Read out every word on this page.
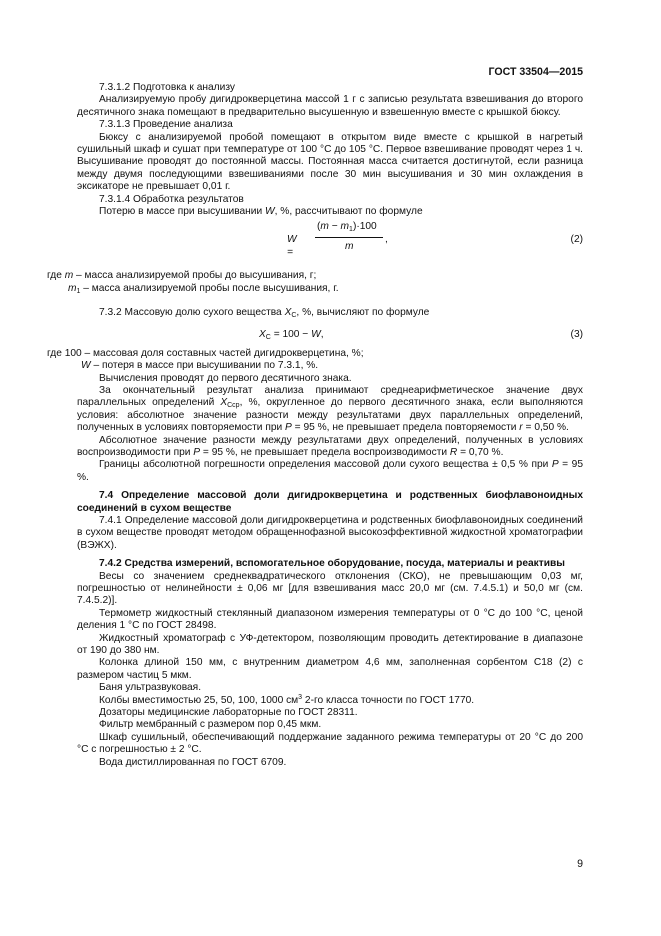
ГОСТ 33504—2015

7.3.1.2 Подготовка к анализу

Анализируемую пробу дигидрокверцетина массой 1 г с записью результата взвешивания до второго десятичного знака помещают в предварительно высушенную и взвешенную вместе с крышкой бюксу.

7.3.1.3 Проведение анализа

Бюксу с анализируемой пробой помещают в открытом виде вместе с крышкой в нагретый сушильный шкаф и сушат при температуре от 100 °С до 105 °С. Первое взвешивание проводят через 1 ч. Высушивание проводят до постоянной массы. Постоянная масса считается достигнутой, если разница между двумя последующими взвешиваниями после 30 мин высушивания и 30 мин охлаждения в эксикаторе не превышает 0,01 г.

7.3.1.4 Обработка результатов

Потерю в массе при высушивании W, %, рассчитывают по формуле

W =
$(m - m_1)\cdot 100$
m
,	(2)

где m – масса анализируемой пробы до высушивания, г;

$m_1$ – масса анализируемой пробы после высушивания, г.

7.3.2 Массовую долю сухого вещества $X_С$, %, вычисляют по формуле

$X_С = 100 - W$,	(3)

где 100 – массовая доля составных частей дигидрокверцетина, %;

W – потеря в массе при высушивании по 7.3.1, %.

Вычисления проводят до первого десятичного знака.

За окончательный результат анализа принимают среднеарифметическое значение двух параллельных определений $X_{Сср}$, %, округленное до первого десятичного знака, если выполняются условия: абсолютное значение разности между результатами двух параллельных определений, полученных в условиях повторяемости при P = 95 %, не превышает предела повторяемости r = 0,50 %.

Абсолютное значение разности между результатами двух определений, полученных в условиях воспроизводимости при P = 95 %, не превышает предела воспроизводимости R = 0,70 %.

Границы абсолютной погрешности определения массовой доли сухого вещества ± 0,5 % при P = 95 %.

7.4 Определение массовой доли дигидрокверцетина и родственных биофлавоноидных соединений в сухом веществе

7.4.1 Определение массовой доли дигидрокверцетина и родственных биофлавоноидных соединений в сухом веществе проводят методом обращеннофазной высокоэффективной жидкостной хроматографии (ВЭЖХ).

7.4.2 Средства измерений, вспомогательное оборудование, посуда, материалы и реактивы

Весы со значением среднеквадратического отклонения (СКО), не превышающим 0,03 мг, погрешностью от нелинейности ± 0,06 мг [для взвешивания масс 20,0 мг (см. 7.4.5.1) и 50,0 мг (см. 7.4.5.2)].

Термометр жидкостный стеклянный диапазоном измерения температуры от 0 °С до 100 °С, ценой деления 1 °С по ГОСТ 28498.

Жидкостный хроматограф с УФ-детектором, позволяющим проводить детектирование в диапазоне от 190 до 380 нм.

Колонка длиной 150 мм, с внутренним диаметром 4,6 мм, заполненная сорбентом С18 (2) с размером частиц 5 мкм.

Баня ультразвуковая.

Колбы вместимостью 25, 50, 100, 1000 $см^3$ 2-го класса точности по ГОСТ 1770.

Дозаторы медицинские лабораторные по ГОСТ 28311.

Фильтр мембранный с размером пор 0,45 мкм.

Шкаф сушильный, обеспечивающий поддержание заданного режима температуры от 20 °С до 200 °С с погрешностью ± 2 °С.

Вода дистиллированная по ГОСТ 6709.

9
